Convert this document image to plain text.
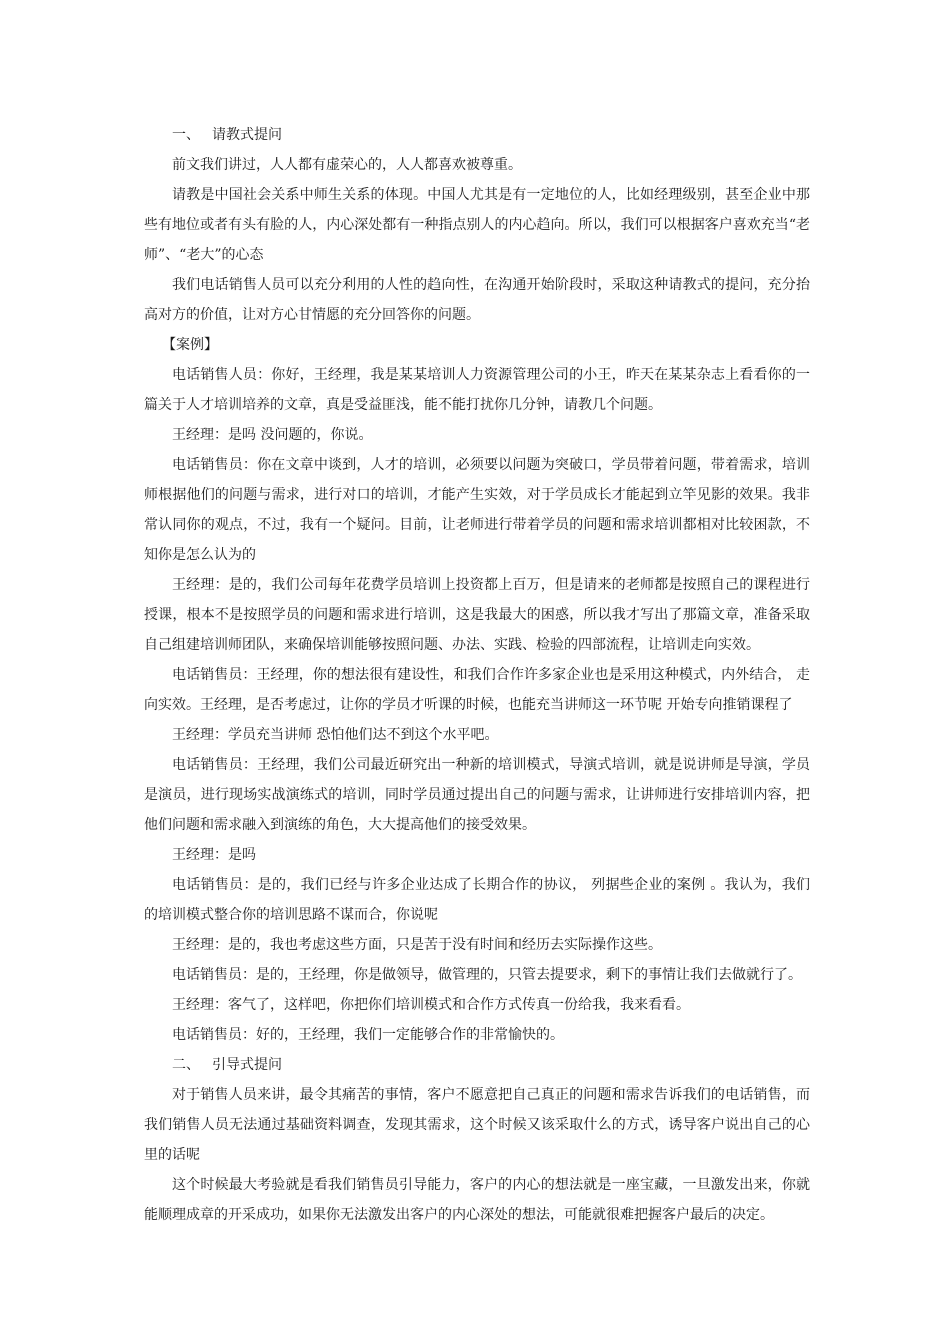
一、 请教式提问

前文我们讲过，人人都有虚荣心的，人人都喜欢被尊重。

请教是中国社会关系中师生关系的体现。中国人尤其是有一定地位的人，比如经理级别，甚至企业中那些有地位或者有头有脸的人，内心深处都有一种指点别人的内心趋向。所以，我们可以根据客户喜欢充当“老师”、“老大”的心态

我们电话销售人员可以充分利用的人性的趋向性，在沟通开始阶段时，采取这种请教式的提问，充分抬高对方的价值，让对方心甘情愿的充分回答你的问题。

【案例】

电话销售人员：你好，王经理，我是某某培训人力资源管理公司的小王，昨天在某某杂志上看看你的一篇关于人才培训培养的文章，真是受益匪浅，能不能打扰你几分钟，请教几个问题。

王经理：是吗 没问题的，你说。

电话销售员：你在文章中谈到，人才的培训，必须要以问题为突破口，学员带着问题，带着需求，培训师根据他们的问题与需求，进行对口的培训，才能产生实效，对于学员成长才能起到立竿见影的效果。我非常认同你的观点，不过，我有一个疑问。目前，让老师进行带着学员的问题和需求培训都相对比较困款，不知你是怎么认为的

王经理：是的，我们公司每年花费学员培训上投资都上百万，但是请来的老师都是按照自己的课程进行授课，根本不是按照学员的问题和需求进行培训，这是我最大的困惑，所以我才写出了那篇文章，准备采取自己组建培训师团队，来确保培训能够按照问题、办法、实践、检验的四部流程，让培训走向实效。

电话销售员：王经理，你的想法很有建设性，和我们合作许多家企业也是采用这种模式，内外结合， 走向实效。王经理，是否考虑过，让你的学员才听课的时候，也能充当讲师这一环节呢 开始专向推销课程了

王经理：学员充当讲师 恐怕他们达不到这个水平吧。

电话销售员：王经理，我们公司最近研究出一种新的培训模式，导演式培训，就是说讲师是导演，学员是演员，进行现场实战演练式的培训，同时学员通过提出自己的问题与需求，让讲师进行安排培训内容，把他们问题和需求融入到演练的角色，大大提高他们的接受效果。

王经理：是吗

电话销售员：是的，我们已经与许多企业达成了长期合作的协议， 列据些企业的案例 。我认为，我们的培训模式整合你的培训思路不谋而合，你说呢

王经理：是的，我也考虑这些方面，只是苦于没有时间和经历去实际操作这些。

电话销售员：是的，王经理，你是做领导，做管理的，只管去提要求，剩下的事情让我们去做就行了。

王经理：客气了，这样吧，你把你们培训模式和合作方式传真一份给我，我来看看。

电话销售员：好的，王经理，我们一定能够合作的非常愉快的。

二、 引导式提问

对于销售人员来讲，最令其痛苦的事情，客户不愿意把自己真正的问题和需求告诉我们的电话销售，而我们销售人员无法通过基础资料调查，发现其需求，这个时候又该采取什么的方式，诱导客户说出自己的心里的话呢

这个时候最大考验就是看我们销售员引导能力，客户的内心的想法就是一座宝藏，一旦激发出来，你就能顺理成章的开采成功，如果你无法激发出客户的内心深处的想法，可能就很难把握客户最后的决定。
